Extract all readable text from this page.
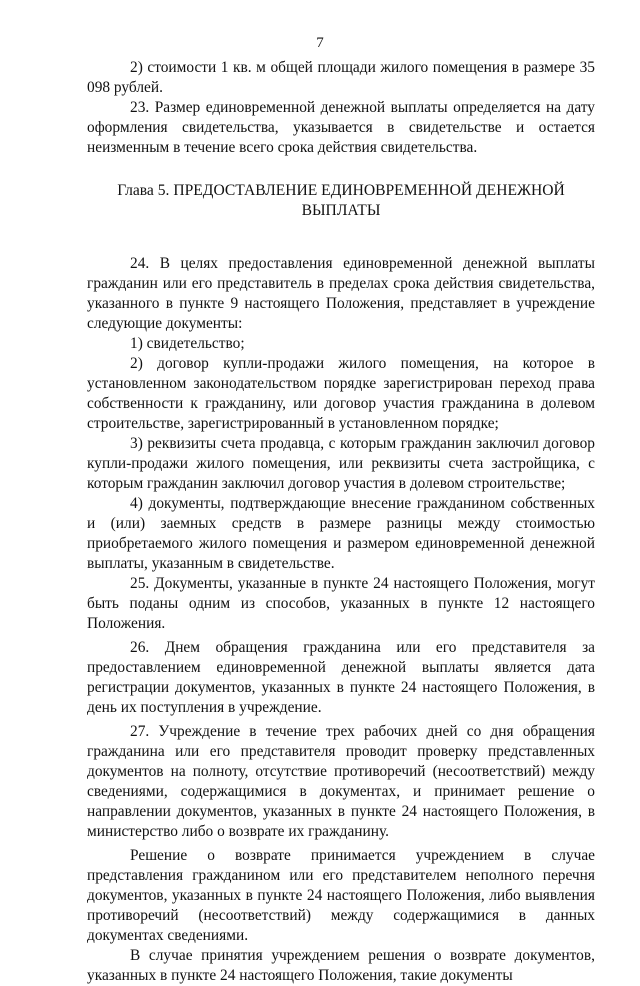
7

2) стоимости 1 кв. м общей площади жилого помещения в размере 35 098 рублей.

23. Размер единовременной денежной выплаты определяется на дату оформления свидетельства, указывается в свидетельстве и остается неизменным в течение всего срока действия свидетельства.

Глава 5. ПРЕДОСТАВЛЕНИЕ ЕДИНОВРЕМЕННОЙ ДЕНЕЖНОЙ
ВЫПЛАТЫ

24. В целях предоставления единовременной денежной выплаты гражданин или его представитель в пределах срока действия свидетельства, указанного в пункте 9 настоящего Положения, представляет в учреждение следующие документы:

1) свидетельство;

2) договор купли-продажи жилого помещения, на которое в установленном законодательством порядке зарегистрирован переход права собственности к гражданину, или договор участия гражданина в долевом строительстве, зарегистрированный в установленном порядке;

3) реквизиты счета продавца, с которым гражданин заключил договор купли-продажи жилого помещения, или реквизиты счета застройщика, с которым гражданин заключил договор участия в долевом строительстве;

4) документы, подтверждающие внесение гражданином собственных и (или) заемных средств в размере разницы между стоимостью приобретаемого жилого помещения и размером единовременной денежной выплаты, указанным в свидетельстве.

25. Документы, указанные в пункте 24 настоящего Положения, могут быть поданы одним из способов, указанных в пункте 12 настоящего Положения.

26. Днем обращения гражданина или его представителя за предоставлением единовременной денежной выплаты является дата регистрации документов, указанных в пункте 24 настоящего Положения, в день их поступления в учреждение.

27. Учреждение в течение трех рабочих дней со дня обращения гражданина или его представителя проводит проверку представленных документов на полноту, отсутствие противоречий (несоответствий) между сведениями, содержащимися в документах, и принимает решение о направлении документов, указанных в пункте 24 настоящего Положения, в министерство либо о возврате их гражданину.

Решение о возврате принимается учреждением в случае представления гражданином или его представителем неполного перечня документов, указанных в пункте 24 настоящего Положения, либо выявления противоречий (несоответствий) между содержащимися в данных документах сведениями.

В случае принятия учреждением решения о возврате документов, указанных в пункте 24 настоящего Положения, такие документы
